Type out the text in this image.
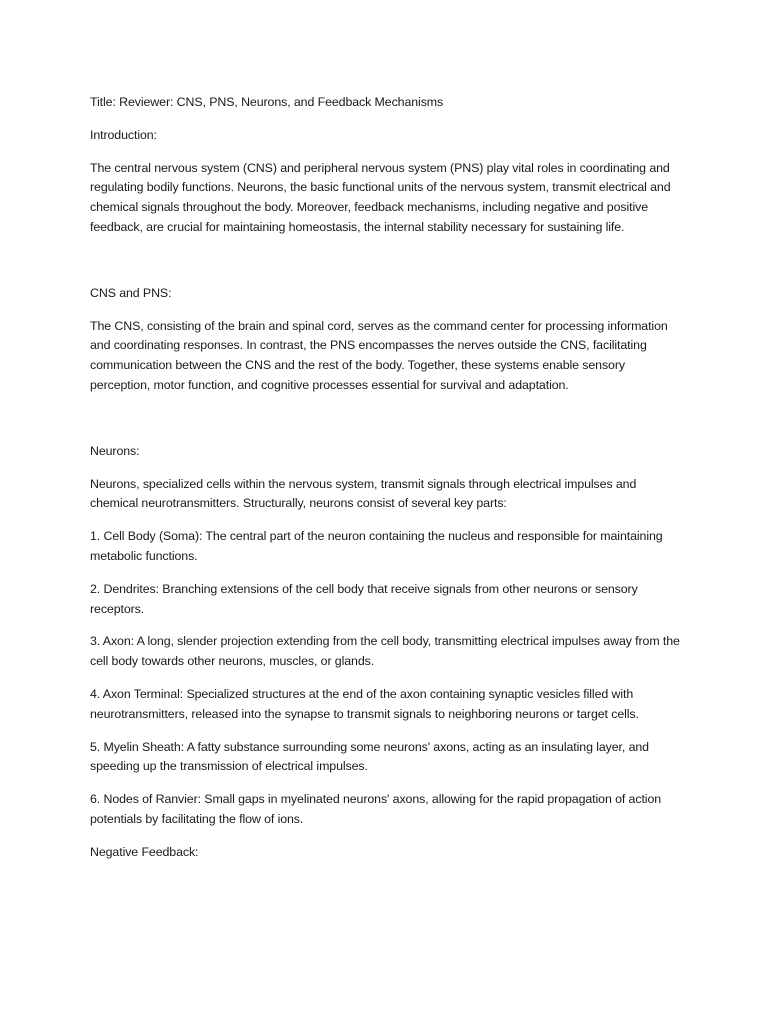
Title: Reviewer: CNS, PNS, Neurons, and Feedback Mechanisms

Introduction:

The central nervous system (CNS) and peripheral nervous system (PNS) play vital roles in coordinating and regulating bodily functions. Neurons, the basic functional units of the nervous system, transmit electrical and chemical signals throughout the body. Moreover, feedback mechanisms, including negative and positive feedback, are crucial for maintaining homeostasis, the internal stability necessary for sustaining life.

CNS and PNS:

The CNS, consisting of the brain and spinal cord, serves as the command center for processing information and coordinating responses. In contrast, the PNS encompasses the nerves outside the CNS, facilitating communication between the CNS and the rest of the body. Together, these systems enable sensory perception, motor function, and cognitive processes essential for survival and adaptation.

Neurons:

Neurons, specialized cells within the nervous system, transmit signals through electrical impulses and chemical neurotransmitters. Structurally, neurons consist of several key parts:

1. Cell Body (Soma): The central part of the neuron containing the nucleus and responsible for maintaining metabolic functions.

2. Dendrites: Branching extensions of the cell body that receive signals from other neurons or sensory receptors.

3. Axon: A long, slender projection extending from the cell body, transmitting electrical impulses away from the cell body towards other neurons, muscles, or glands.

4. Axon Terminal: Specialized structures at the end of the axon containing synaptic vesicles filled with neurotransmitters, released into the synapse to transmit signals to neighboring neurons or target cells.

5. Myelin Sheath: A fatty substance surrounding some neurons' axons, acting as an insulating layer, and speeding up the transmission of electrical impulses.

6. Nodes of Ranvier: Small gaps in myelinated neurons' axons, allowing for the rapid propagation of action potentials by facilitating the flow of ions.

Negative Feedback:
